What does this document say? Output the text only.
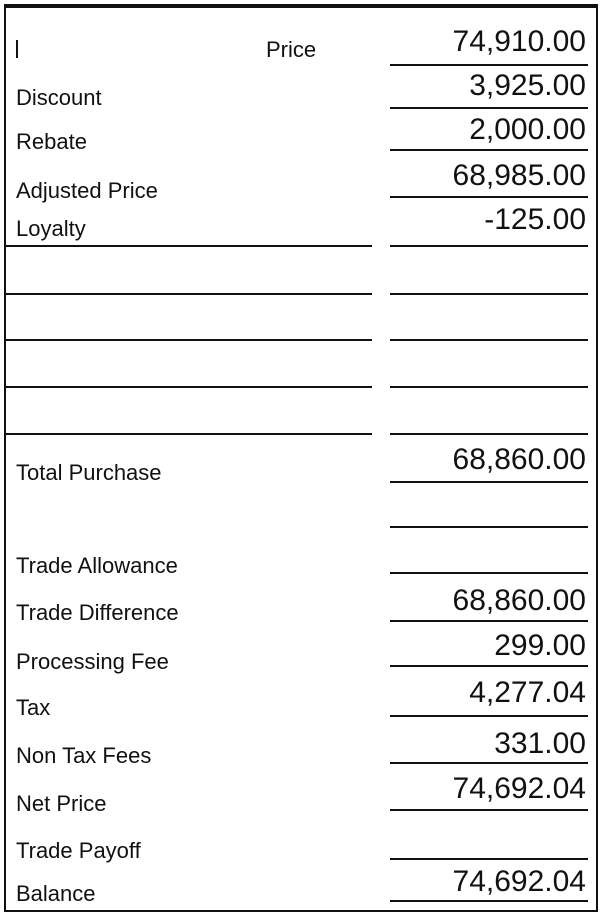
Price	74,910.00
Discount	3,925.00
Rebate	2,000.00
Adjusted Price	68,985.00
Loyalty	-125.00
Total Purchase	68,860.00
Trade Allowance
Trade Difference	68,860.00
Processing Fee	299.00
Tax	4,277.04
Non Tax Fees	331.00
Net Price	74,692.04
Trade Payoff
Balance	74,692.04
